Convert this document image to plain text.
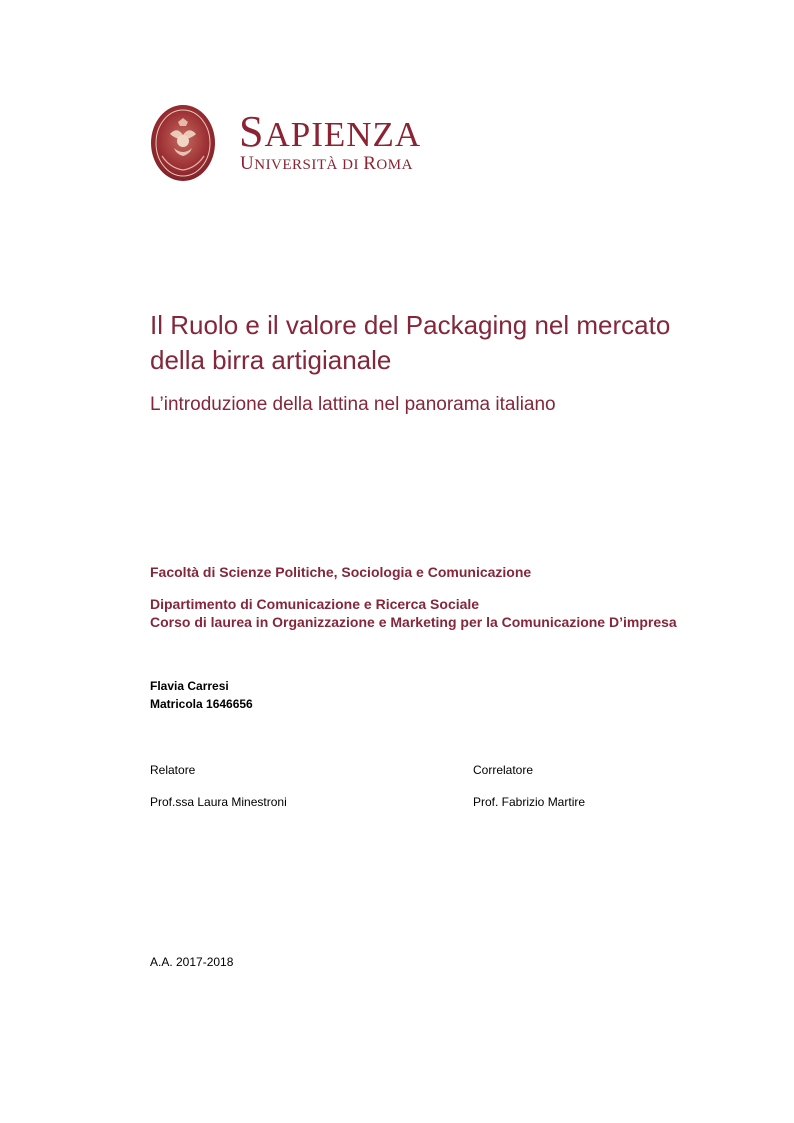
SAPIENZA
UNIVERSITÀ DI ROMA
Il Ruolo e il valore del Packaging nel mercato della birra artigianale
L’introduzione della lattina nel panorama italiano
Facoltà di Scienze Politiche, Sociologia e Comunicazione
Dipartimento di Comunicazione e Ricerca Sociale
Corso di laurea in Organizzazione e Marketing per la Comunicazione D’impresa
Flavia Carresi
Matricola 1646656
Relatore	Correlatore
Prof.ssa Laura Minestroni	Prof. Fabrizio Martire
A.A. 2017-2018
